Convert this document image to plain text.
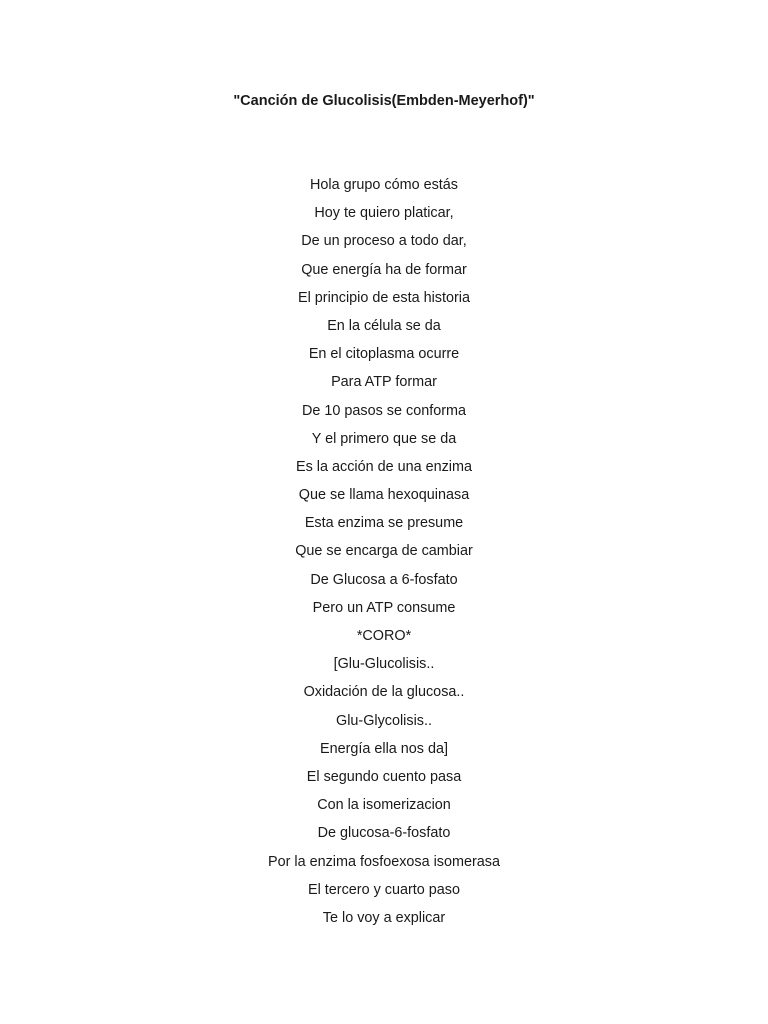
"Canción de Glucolisis(Embden-Meyerhof)"
Hola grupo cómo estás
Hoy te quiero platicar,
De un proceso a todo dar,
Que energía ha de formar
El principio de esta historia
En la célula se da
En el citoplasma ocurre
Para ATP formar
De 10 pasos se conforma
Y el primero que se da
Es la acción de una enzima
Que se llama hexoquinasa
Esta enzima se presume
Que se encarga de cambiar
De Glucosa a 6-fosfato
Pero un ATP consume
*CORO*
[Glu-Glucolisis..
Oxidación de la glucosa..
Glu-Glycolisis..
Energía ella nos da]
El segundo cuento pasa
Con la isomerizacion
De glucosa-6-fosfato
Por la enzima fosfoexosa isomerasa
El tercero y cuarto paso
Te lo voy a explicar
